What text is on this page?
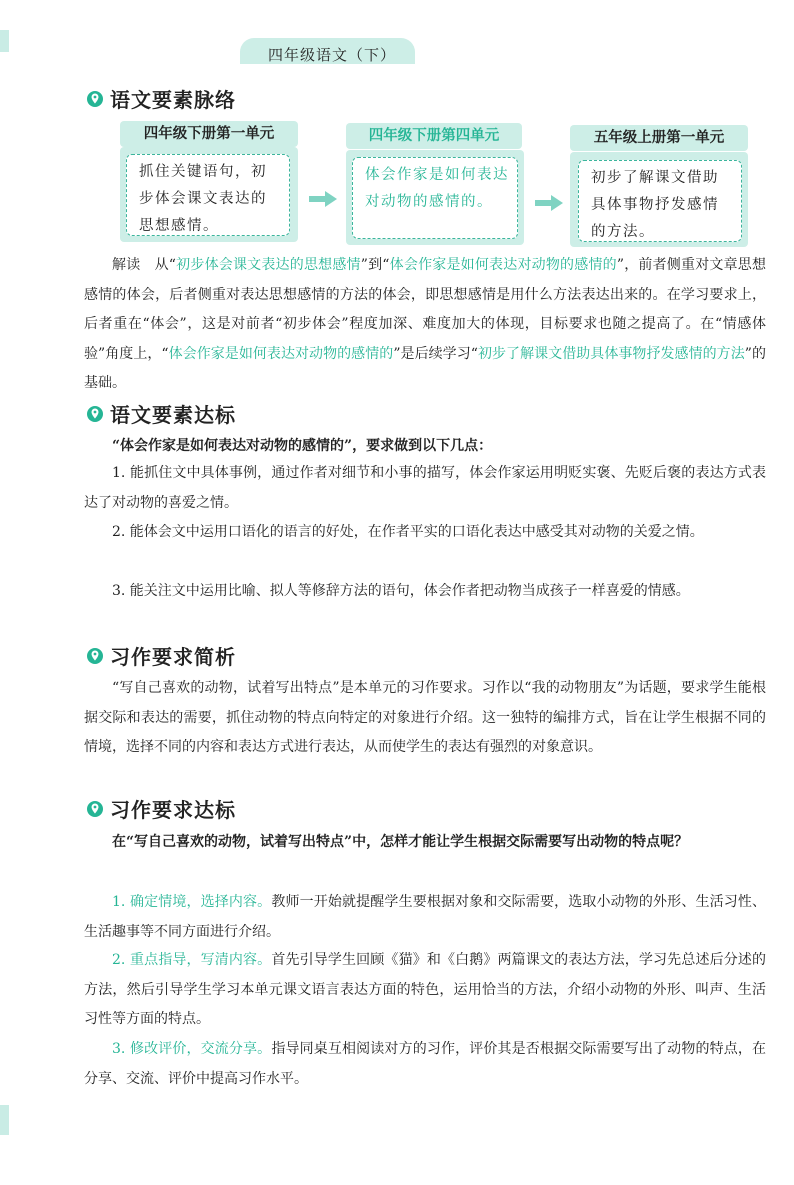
四年级语文（下）
语文要素脉络
四年级下册第一单元	四年级下册第四单元	五年级上册第一单元
抓住关键语句，初步体会课文表达的思想感情。
体会作家是如何表达对动物的感情的。
初步了解课文借助具体事物抒发感情的方法。
解读　 从“初步体会课文表达的思想感情”到“体会作家是如何表达对动物的感情的”，前者侧重对文章思想感情的体会，后者侧重对表达思想感情的方法的体会，即思想感情是用什么方法表达出来的。在学习要求上，后者重在“体会”，这是对前者“初步体会”程度加深、难度加大的体现，目标要求也随之提高了。在“情感体验”角度上，“体会作家是如何表达对动物的感情的”是后续学习“初步了解课文借助具体事物抒发感情的方法”的基础。
语文要素达标
“体会作家是如何表达对动物的感情的”，要求做到以下几点：
1. 能抓住文中具体事例，通过作者对细节和小事的描写，体会作家运用明贬实褒、先贬后褒的表达方式表达了对动物的喜爱之情。
2. 能体会文中运用口语化的语言的好处，在作者平实的口语化表达中感受其对动物的关爱之情。
3. 能关注文中运用比喻、拟人等修辞方法的语句，体会作者把动物当成孩子一样喜爱的情感。
习作要求简析
“写自己喜欢的动物，试着写出特点”是本单元的习作要求。习作以“我的动物朋友”为话题，要求学生能根据交际和表达的需要，抓住动物的特点向特定的对象进行介绍。这一独特的编排方式，旨在让学生根据不同的情境，选择不同的内容和表达方式进行表达，从而使学生的表达有强烈的对象意识。
习作要求达标
在“写自己喜欢的动物，试着写出特点”中，怎样才能让学生根据交际需要写出动物的特点呢？
1. 确定情境，选择内容。教师一开始就提醒学生要根据对象和交际需要，选取小动物的外形、生活习性、生活趣事等不同方面进行介绍。
2. 重点指导，写清内容。首先引导学生回顾《猫》和《白鹅》两篇课文的表达方法，学习先总述后分述的方法，然后引导学生学习本单元课文语言表达方面的特色，运用恰当的方法，介绍小动物的外形、叫声、生活习性等方面的特点。
3. 修改评价，交流分享。指导同桌互相阅读对方的习作，评价其是否根据交际需要写出了动物的特点，在分享、交流、评价中提高习作水平。
